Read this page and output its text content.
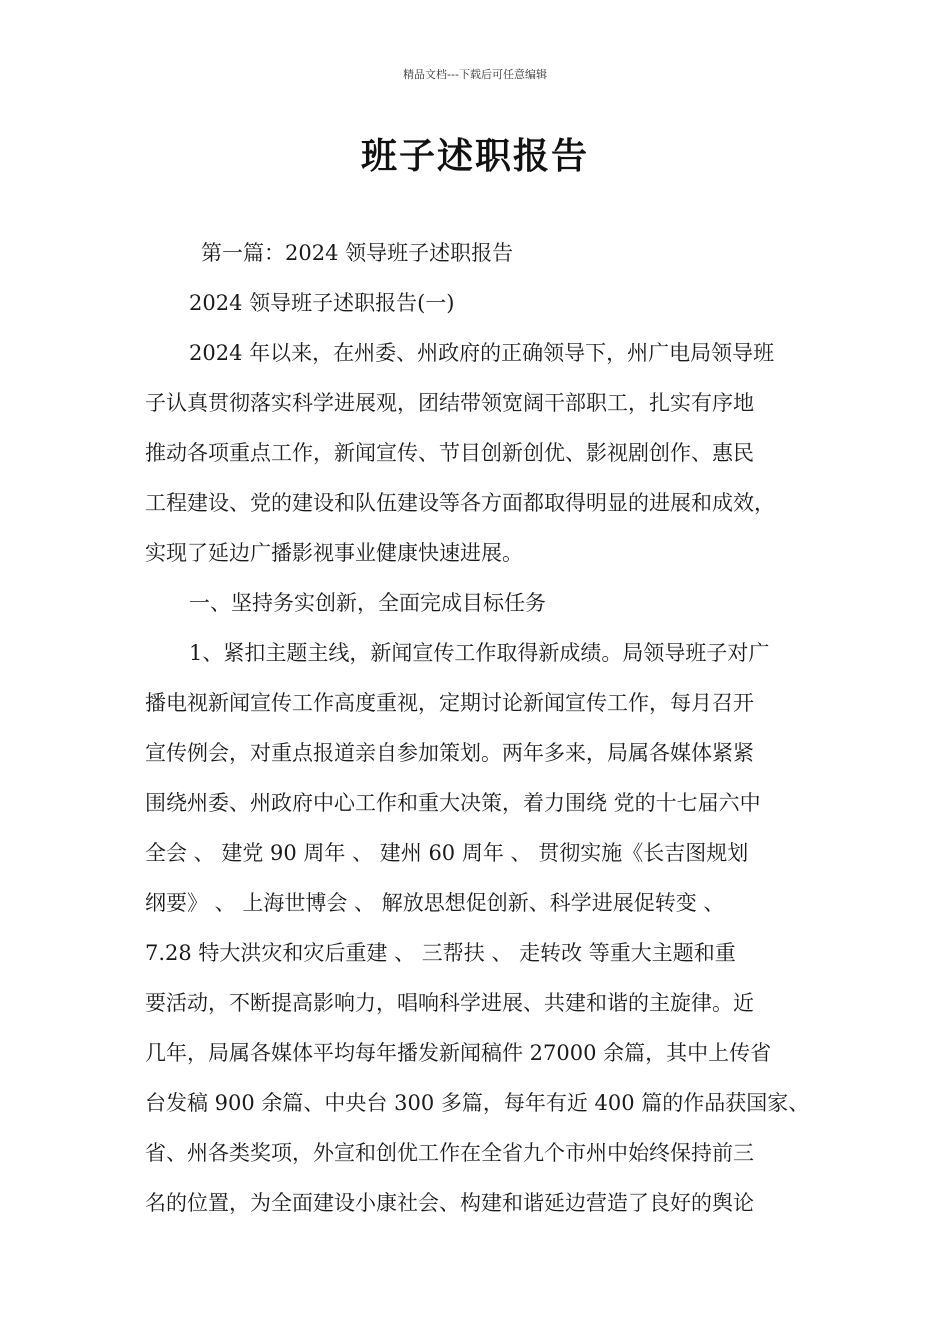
精品文档---下载后可任意编辑
班子述职报告
第一篇：2024 领导班子述职报告
2024 领导班子述职报告(一)
2024 年以来，在州委、州政府的正确领导下，州广电局领导班
子认真贯彻落实科学进展观，团结带领宽阔干部职工，扎实有序地
推动各项重点工作，新闻宣传、节目创新创优、影视剧创作、惠民
工程建设、党的建设和队伍建设等各方面都取得明显的进展和成效，
实现了延边广播影视事业健康快速进展。
一、坚持务实创新，全面完成目标任务
1、紧扣主题主线，新闻宣传工作取得新成绩。局领导班子对广
播电视新闻宣传工作高度重视，定期讨论新闻宣传工作，每月召开
宣传例会，对重点报道亲自参加策划。两年多来，局属各媒体紧紧
围绕州委、州政府中心工作和重大决策，着力围绕 党的十七届六中
全会 、 建党 90 周年 、 建州 60 周年 、 贯彻实施《长吉图规划
纲要》 、 上海世博会 、 解放思想促创新、科学进展促转变 、
7.28 特大洪灾和灾后重建 、 三帮扶 、 走转改 等重大主题和重
要活动，不断提高影响力，唱响科学进展、共建和谐的主旋律。近
几年，局属各媒体平均每年播发新闻稿件 27000 余篇，其中上传省
台发稿 900 余篇、中央台 300 多篇，每年有近 400 篇的作品获国家、
省、州各类奖项，外宣和创优工作在全省九个市州中始终保持前三
名的位置，为全面建设小康社会、构建和谐延边营造了良好的舆论
